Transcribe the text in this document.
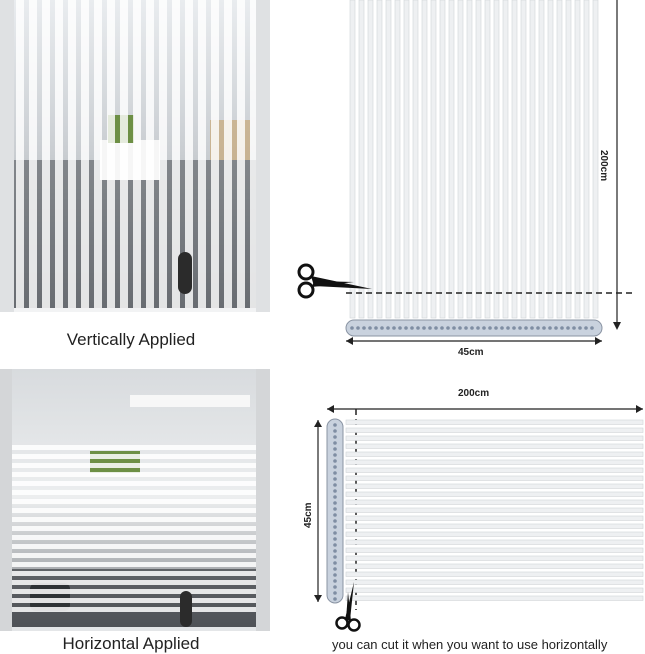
Vertically Applied
200cm
45cm
200cm
45cm
Horizontal Applied	you can cut it when you want to use horizontally
